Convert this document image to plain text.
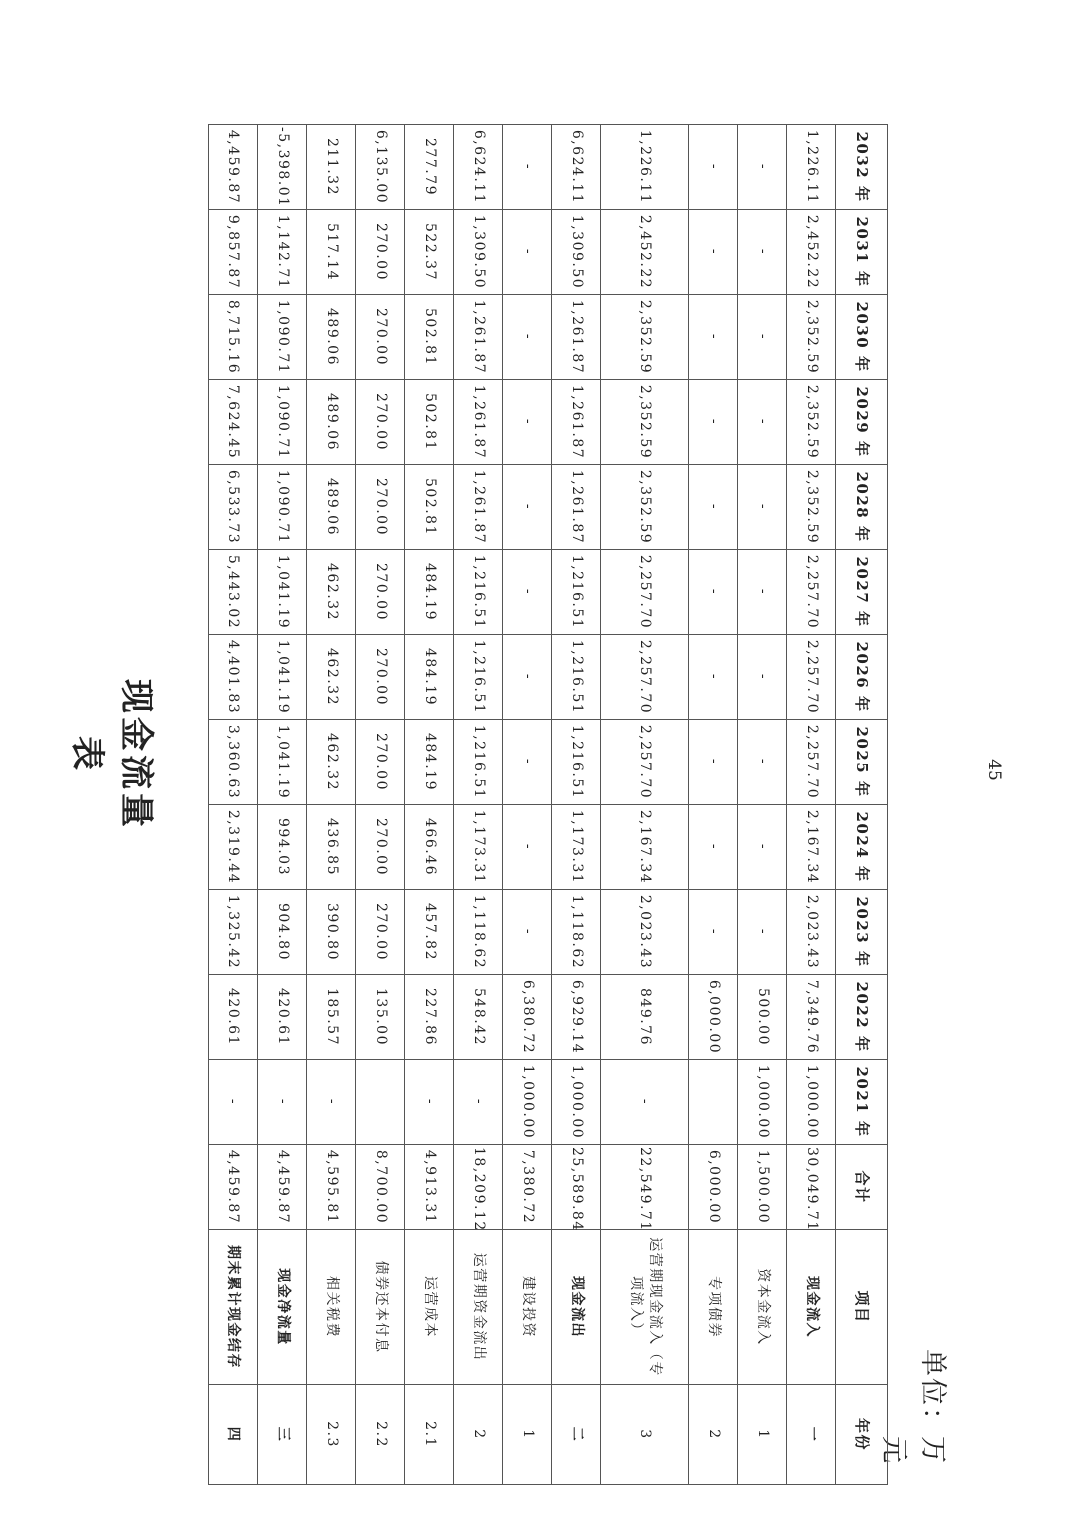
单位：万元
45
2032 年	2031 年	2030 年	2029 年	2028 年	2027 年	2026 年	2025 年	2024 年	2023 年	2022 年	2021 年	合计	项目	年份
1,226.11	2,452.22	2,352.59	2,352.59	2,352.59	2,257.70	2,257.70	2,257.70	2,167.34	2,023.43	7,349.76	1,000.00	30,049.71	现金流入	一
-	-	-	-	-	-	-	-	-	-	500.00	1,000.00	1,500.00	资本金流入	1
-	-	-	-	-	-	-	-	-	-	6,000.00		6,000.00	专项债券	2
1,226.11	2,452.22	2,352.59	2,352.59	2,352.59	2,257.70	2,257.70	2,257.70	2,167.34	2,023.43	849.76	-	22,549.71	运营期现金流入（专项流入）	3
6,624.11	1,309.50	1,261.87	1,261.87	1,261.87	1,216.51	1,216.51	1,216.51	1,173.31	1,118.62	6,929.14	1,000.00	25,589.84	现金流出	二
-	-	-	-	-	-	-	-	-	-	6,380.72	1,000.00	7,380.72	建设投资	1
6,624.11	1,309.50	1,261.87	1,261.87	1,261.87	1,216.51	1,216.51	1,216.51	1,173.31	1,118.62	548.42	-	18,209.12	运营期资金流出	2
277.79	522.37	502.81	502.81	502.81	484.19	484.19	484.19	466.46	457.82	227.86	-	4,913.31	运营成本	2.1
6,135.00	270.00	270.00	270.00	270.00	270.00	270.00	270.00	270.00	270.00	135.00		8,700.00	债券还本付息	2.2
211.32	517.14	489.06	489.06	489.06	462.32	462.32	462.32	436.85	390.80	185.57	-	4,595.81	相关税费	2.3
-5,398.01	1,142.71	1,090.71	1,090.71	1,090.71	1,041.19	1,041.19	1,041.19	994.03	904.80	420.61	-	4,459.87	现金净流量	三
4,459.87	9,857.87	8,715.16	7,624.45	6,533.73	5,443.02	4,401.83	3,360.63	2,319.44	1,325.42	420.61	-	4,459.87	期末累计现金结存	四
现金流量表
